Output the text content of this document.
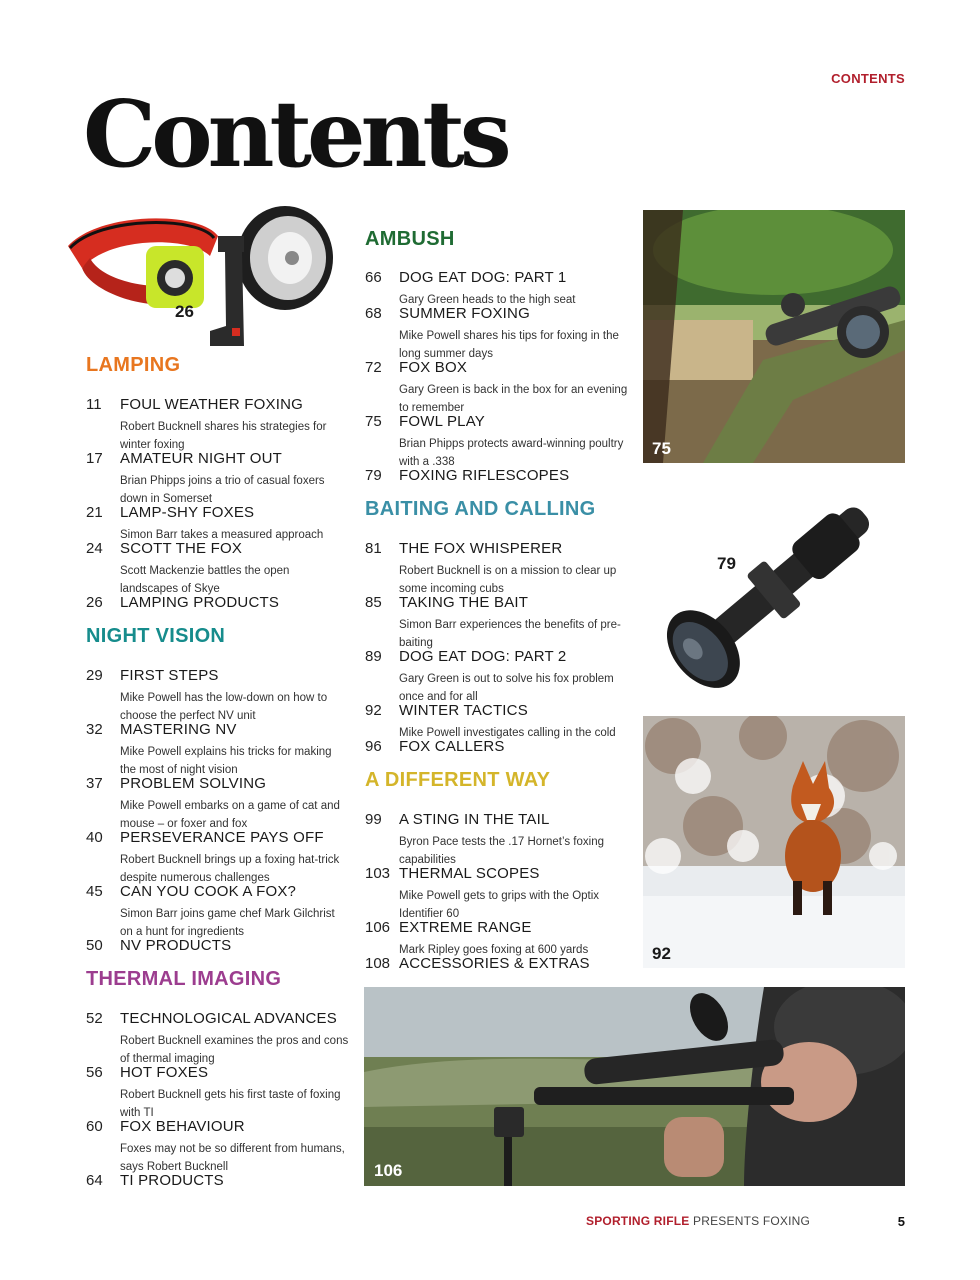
CONTENTS
Contents
26
75
79
92
106
LAMPING
11 FOUL WEATHER FOXING
Robert Bucknell shares his strategies for winter foxing
17 AMATEUR NIGHT OUT
Brian Phipps joins a trio of casual foxers down in Somerset
21 LAMP-SHY FOXES
Simon Barr takes a measured approach
24 SCOTT THE FOX
Scott Mackenzie battles the open landscapes of Skye
26 LAMPING PRODUCTS
NIGHT VISION
29 FIRST STEPS
Mike Powell has the low-down on how to choose the perfect NV unit
32 MASTERING NV
Mike Powell explains his tricks for making the most of night vision
37 PROBLEM SOLVING
Mike Powell embarks on a game of cat and mouse – or foxer and fox
40 PERSEVERANCE PAYS OFF
Robert Bucknell brings up a foxing hat-trick despite numerous challenges
45 CAN YOU COOK A FOX?
Simon Barr joins game chef Mark Gilchrist on a hunt for ingredients
50 NV PRODUCTS
THERMAL IMAGING
52 TECHNOLOGICAL ADVANCES
Robert Bucknell examines the pros and cons of thermal imaging
56 HOT FOXES
Robert Bucknell gets his first taste of foxing with TI
60 FOX BEHAVIOUR
Foxes may not be so different from humans, says Robert Bucknell
64 TI PRODUCTS
AMBUSH
66 DOG EAT DOG: PART 1
Gary Green heads to the high seat
68 SUMMER FOXING
Mike Powell shares his tips for foxing in the long summer days
72 FOX BOX
Gary Green is back in the box for an evening to remember
75 FOWL PLAY
Brian Phipps protects award-winning poultry with a .338
79 FOXING RIFLESCOPES
BAITING AND CALLING
81 THE FOX WHISPERER
Robert Bucknell is on a mission to clear up some incoming cubs
85 TAKING THE BAIT
Simon Barr experiences the benefits of pre-baiting
89 DOG EAT DOG: PART 2
Gary Green is out to solve his fox problem once and for all
92 WINTER TACTICS
Mike Powell investigates calling in the cold
96 FOX CALLERS
A DIFFERENT WAY
99 A STING IN THE TAIL
Byron Pace tests the .17 Hornet’s foxing capabilities
103 THERMAL SCOPES
Mike Powell gets to grips with the Optix Identifier 60
106 EXTREME RANGE
Mark Ripley goes foxing at 600 yards
108 ACCESSORIES & EXTRAS
SPORTING RIFLE PRESENTS FOXING	5
